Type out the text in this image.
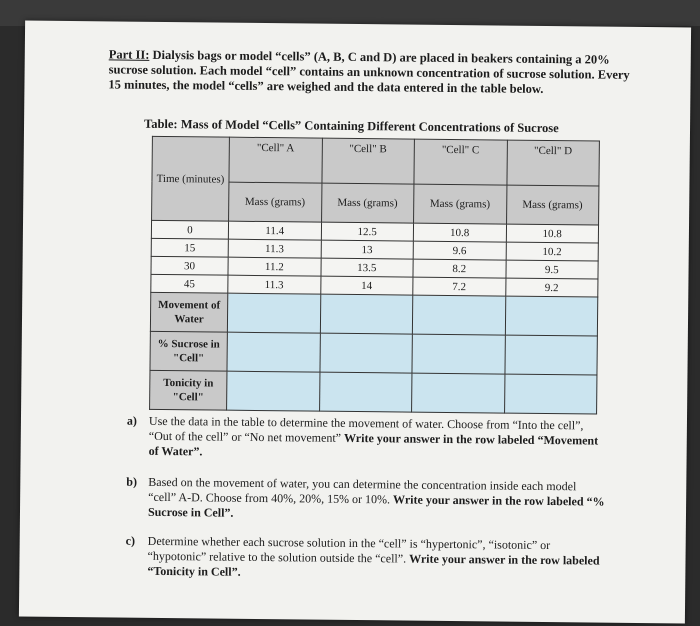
Part II: Dialysis bags or model “cells” (A, B, C and D) are placed in beakers containing a 20% sucrose solution. Each model “cell” contains an unknown concentration of sucrose solution. Every 15 minutes, the model “cells” are weighed and the data entered in the table below.
Table: Mass of Model “Cells” Containing Different Concentrations of Sucrose
Time (minutes)	"Cell" A	"Cell" B	"Cell" C	"Cell" D
	Mass (grams)	Mass (grams)	Mass (grams)	Mass (grams)
0	11.4	12.5	10.8	10.8
15	11.3	13	9.6	10.2
30	11.2	13.5	8.2	9.5
45	11.3	14	7.2	9.2
Movement of Water				
% Sucrose in "Cell"				
Tonicity in "Cell"				
a) Use the data in the table to determine the movement of water. Choose from “Into the cell”, “Out of the cell” or “No net movement” Write your answer in the row labeled “Movement of Water”.
b) Based on the movement of water, you can determine the concentration inside each model “cell” A-D. Choose from 40%, 20%, 15% or 10%. Write your answer in the row labeled “% Sucrose in Cell”.
c) Determine whether each sucrose solution in the “cell” is “hypertonic”, “isotonic” or “hypotonic” relative to the solution outside the “cell”. Write your answer in the row labeled “Tonicity in Cell”.
